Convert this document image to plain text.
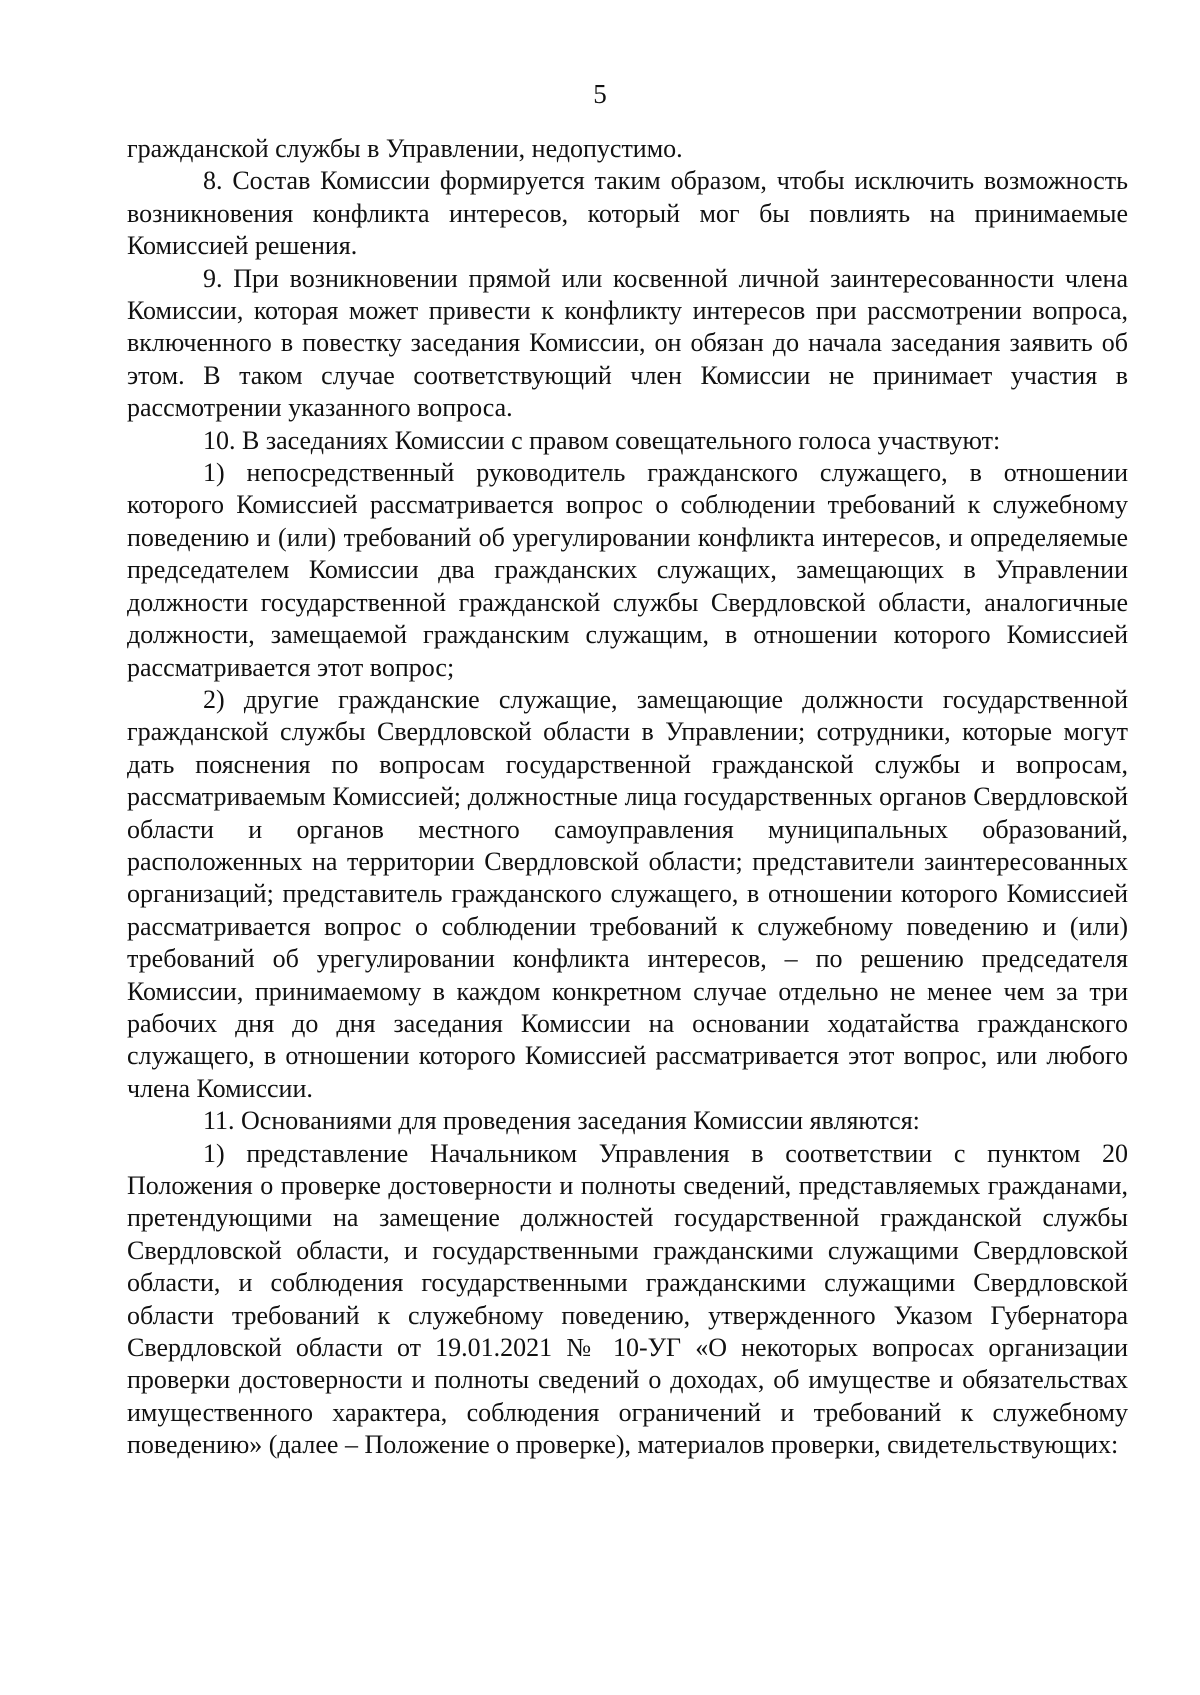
5

гражданской службы в Управлении, недопустимо.

8. Состав Комиссии формируется таким образом, чтобы исключить возможность возникновения конфликта интересов, который мог бы повлиять на принимаемые Комиссией решения.

9. При возникновении прямой или косвенной личной заинтересованности члена Комиссии, которая может привести к конфликту интересов при рассмотрении вопроса, включенного в повестку заседания Комиссии, он обязан до начала заседания заявить об этом. В таком случае соответствующий член Комиссии не принимает участия в рассмотрении указанного вопроса.

10. В заседаниях Комиссии с правом совещательного голоса участвуют:

1) непосредственный руководитель гражданского служащего, в отношении которого Комиссией рассматривается вопрос о соблюдении требований к служебному поведению и (или) требований об урегулировании конфликта интересов, и определяемые председателем Комиссии два гражданских служащих, замещающих в Управлении должности государственной гражданской службы Свердловской области, аналогичные должности, замещаемой гражданским служащим, в отношении которого Комиссией рассматривается этот вопрос;

2) другие гражданские служащие, замещающие должности государственной гражданской службы Свердловской области в Управлении; сотрудники, которые могут дать пояснения по вопросам государственной гражданской службы и вопросам, рассматриваемым Комиссией; должностные лица государственных органов Свердловской области и органов местного самоуправления муниципальных образований, расположенных на территории Свердловской области; представители заинтересованных организаций; представитель гражданского служащего, в отношении которого Комиссией рассматривается вопрос о соблюдении требований к служебному поведению и (или) требований об урегулировании конфликта интересов, – по решению председателя Комиссии, принимаемому в каждом конкретном случае отдельно не менее чем за три рабочих дня до дня заседания Комиссии на основании ходатайства гражданского служащего, в отношении которого Комиссией рассматривается этот вопрос, или любого члена Комиссии.

11. Основаниями для проведения заседания Комиссии являются:

1) представление Начальником Управления в соответствии с пунктом 20 Положения о проверке достоверности и полноты сведений, представляемых гражданами, претендующими на замещение должностей государственной гражданской службы Свердловской области, и государственными гражданскими служащими Свердловской области, и соблюдения государственными гражданскими служащими Свердловской области требований к служебному поведению, утвержденного Указом Губернатора Свердловской области от 19.01.2021 № 10-УГ «О некоторых вопросах организации проверки достоверности и полноты сведений о доходах, об имуществе и обязательствах имущественного характера, соблюдения ограничений и требований к служебному поведению» (далее – Положение о проверке), материалов проверки, свидетельствующих:
